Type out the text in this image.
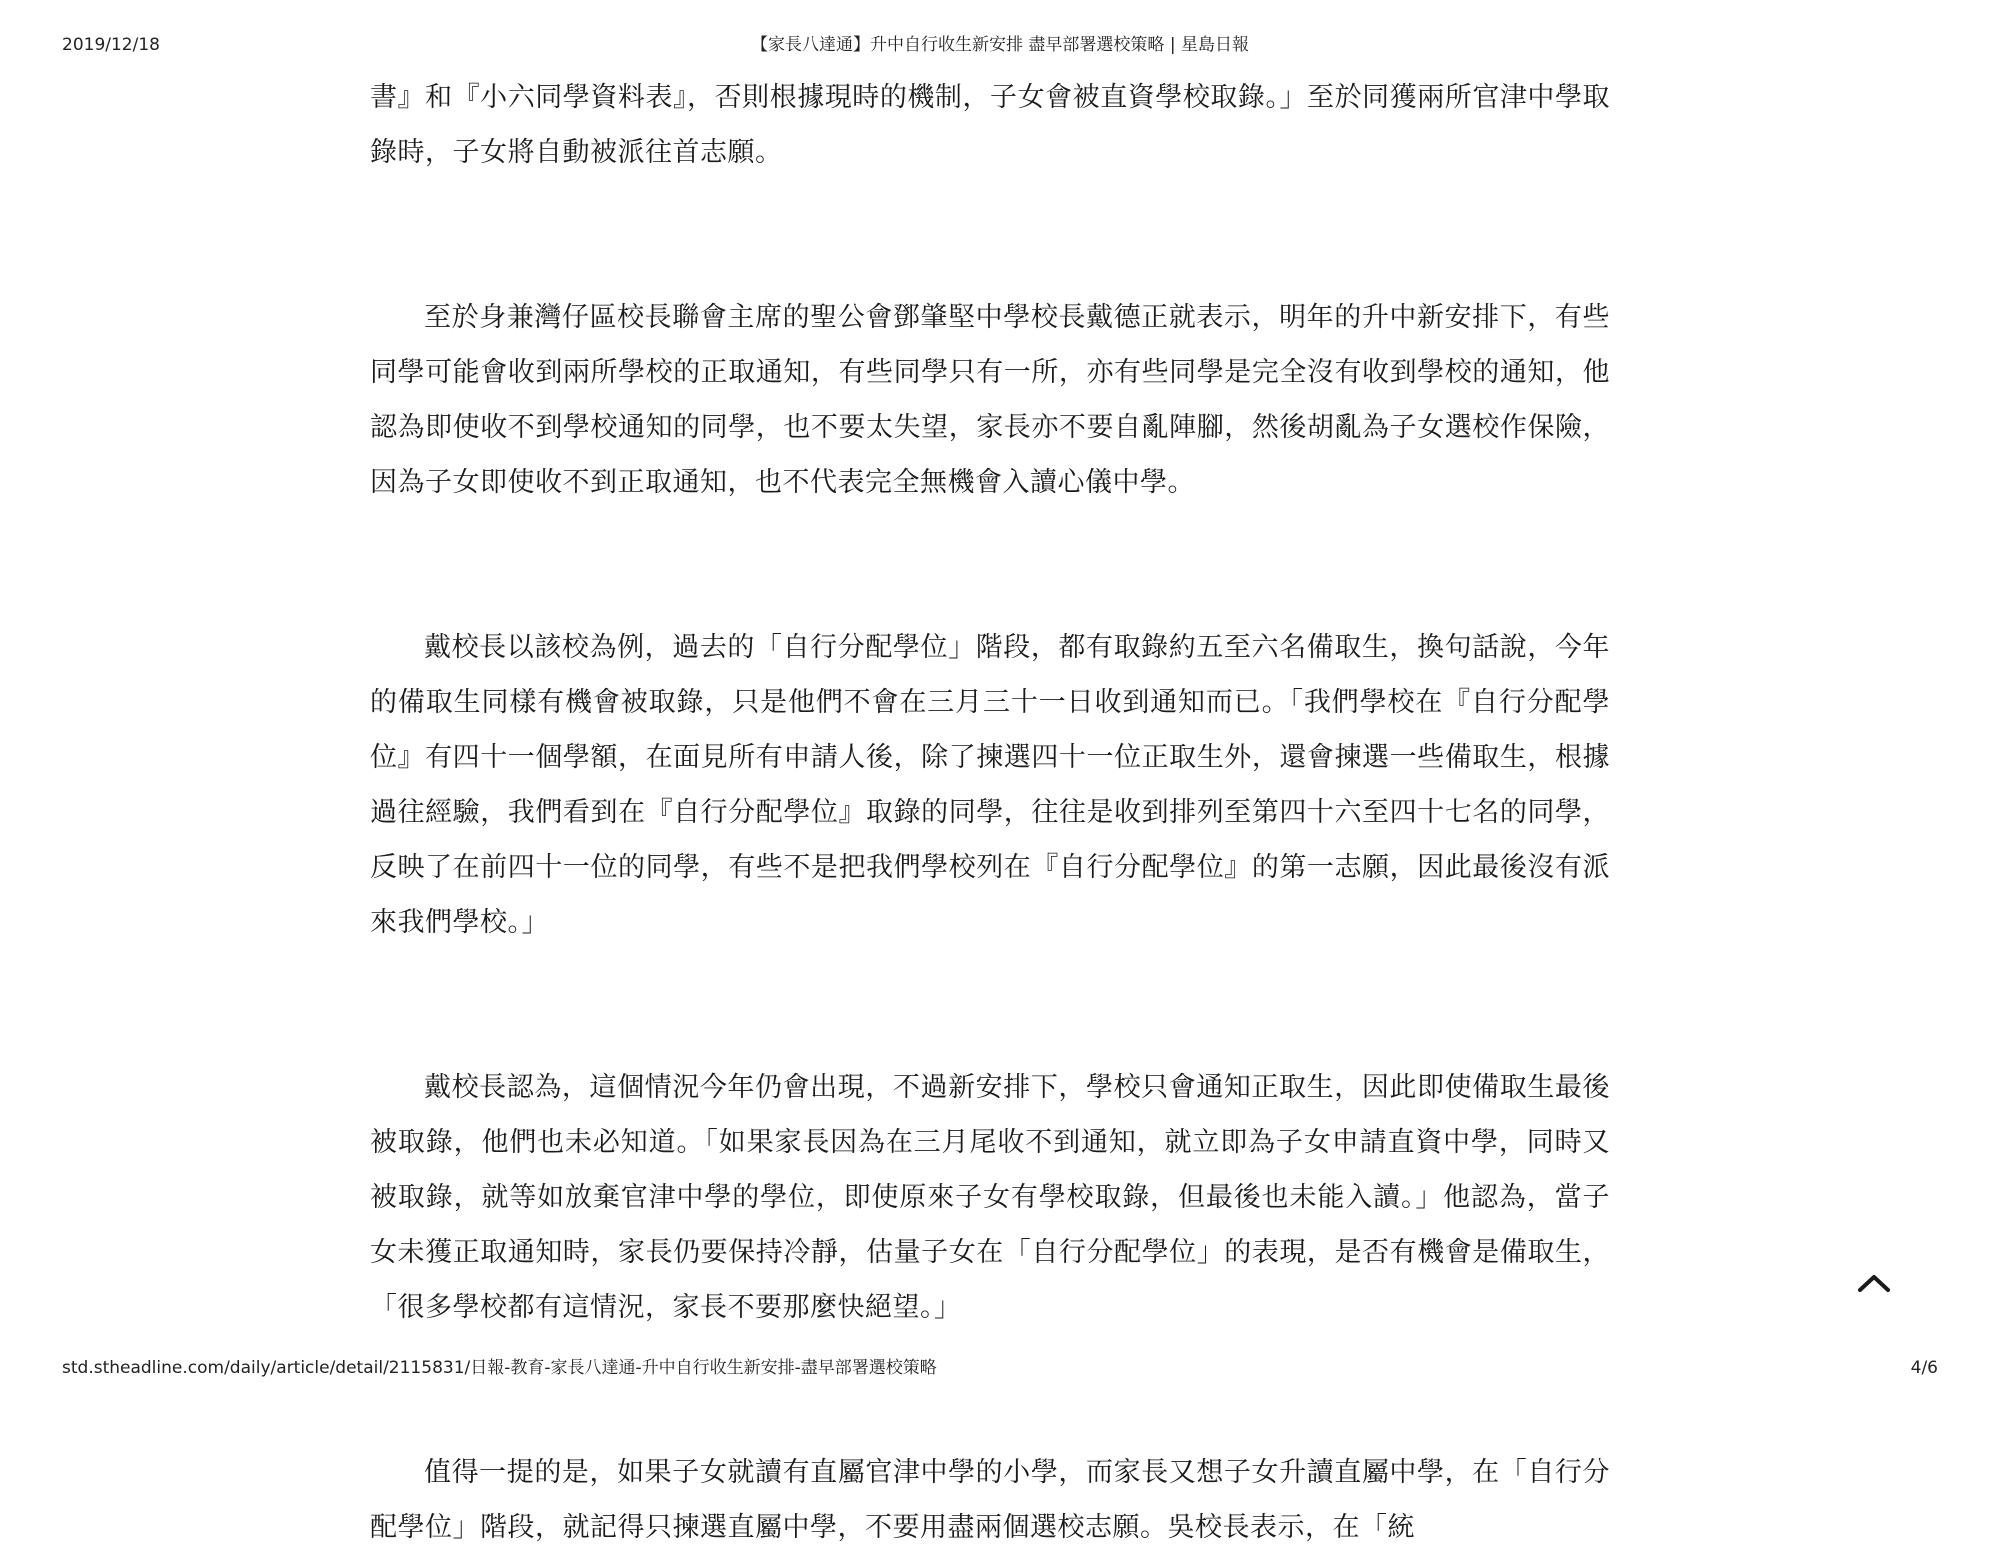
2019/12/18	【家長八達通】升中自行收生新安排 盡早部署選校策略 | 星島日報

書』和『小六同學資料表』，否則根據現時的機制，子女會被直資學校取錄。」至於同獲兩所官津中學取錄時，子女將自動被派往首志願。

至於身兼灣仔區校長聯會主席的聖公會鄧肇堅中學校長戴德正就表示，明年的升中新安排下，有些同學可能會收到兩所學校的正取通知，有些同學只有一所，亦有些同學是完全沒有收到學校的通知，他認為即使收不到學校通知的同學，也不要太失望，家長亦不要自亂陣腳，然後胡亂為子女選校作保險，因為子女即使收不到正取通知，也不代表完全無機會入讀心儀中學。

戴校長以該校為例，過去的「自行分配學位」階段，都有取錄約五至六名備取生，換句話說，今年的備取生同樣有機會被取錄，只是他們不會在三月三十一日收到通知而已。「我們學校在『自行分配學位』有四十一個學額，在面見所有申請人後，除了揀選四十一位正取生外，還會揀選一些備取生，根據過往經驗，我們看到在『自行分配學位』取錄的同學，往往是收到排列至第四十六至四十七名的同學，反映了在前四十一位的同學，有些不是把我們學校列在『自行分配學位』的第一志願，因此最後沒有派來我們學校。」

戴校長認為，這個情況今年仍會出現，不過新安排下，學校只會通知正取生，因此即使備取生最後被取錄，他們也未必知道。「如果家長因為在三月尾收不到通知，就立即為子女申請直資中學，同時又被取錄，就等如放棄官津中學的學位，即使原來子女有學校取錄，但最後也未能入讀。」他認為，當子女未獲正取通知時，家長仍要保持冷靜，估量子女在「自行分配學位」的表現，是否有機會是備取生，「很多學校都有這情況，家長不要那麼快絕望。」

值得一提的是，如果子女就讀有直屬官津中學的小學，而家長又想子女升讀直屬中學，在「自行分配學位」階段，就記得只揀選直屬中學，不要用盡兩個選校志願。吳校長表示，在「統

std.stheadline.com/daily/article/detail/2115831/日報-教育-家長八達通-升中自行收生新安排-盡早部署選校策略	4/6
